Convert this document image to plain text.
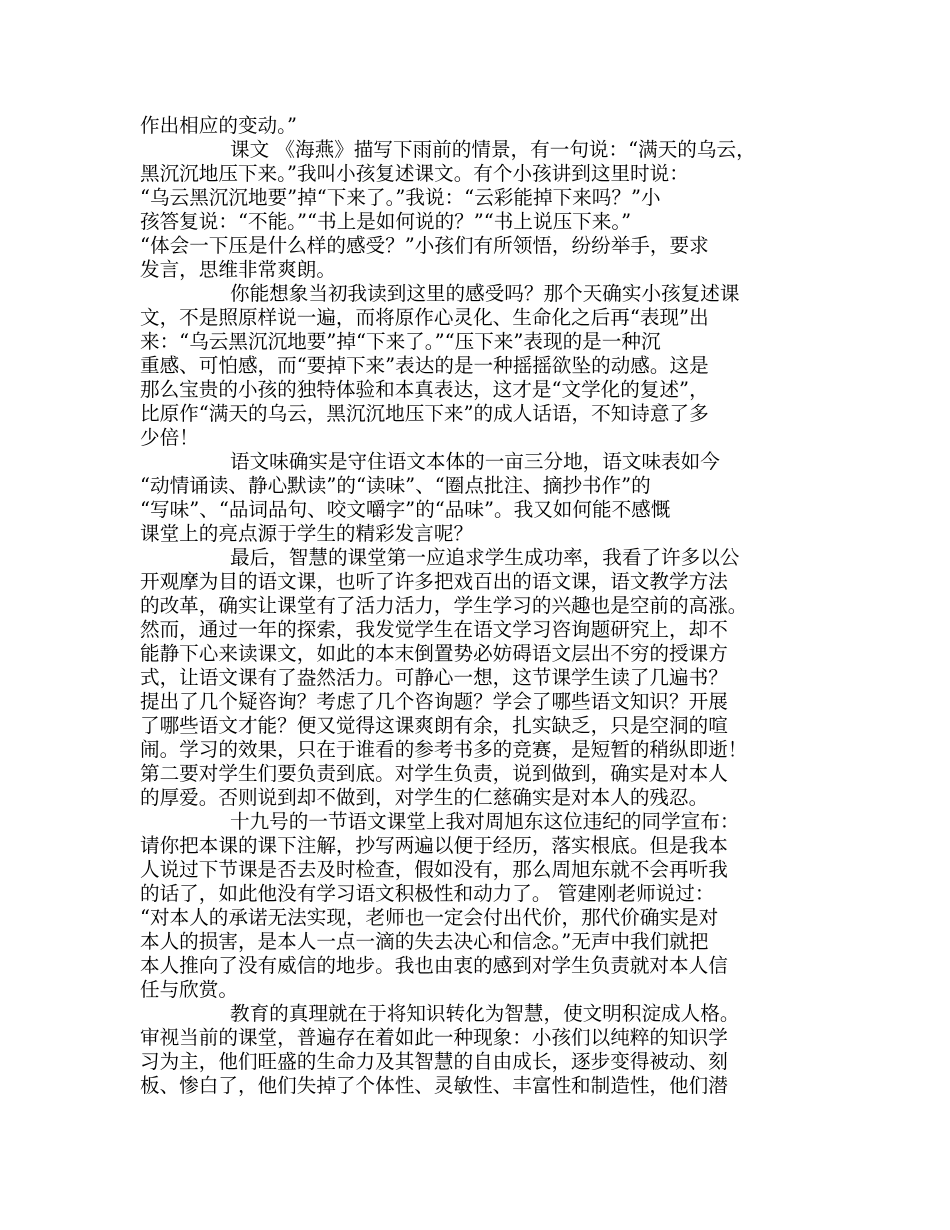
作出相应的变动。”

课文 《海燕》描写下雨前的情景，有一句说：“满天的乌云，

黑沉沉地压下来。”我叫小孩复述课文。有个小孩讲到这里时说：

“乌云黑沉沉地要”掉“下来了。”我说：“云彩能掉下来吗？”小

孩答复说：“不能。”“书上是如何说的？”“书上说压下来。”

“体会一下压是什么样的感受？”小孩们有所领悟，纷纷举手，要求

发言，思维非常爽朗。

你能想象当初我读到这里的感受吗？那个天确实小孩复述课

文，不是照原样说一遍，而将原作心灵化、生命化之后再“表现”出

来：“乌云黑沉沉地要”掉“下来了。”“压下来”表现的是一种沉

重感、可怕感，而“要掉下来”表达的是一种摇摇欲坠的动感。这是

那么宝贵的小孩的独特体验和本真表达，这才是“文学化的复述”，

比原作“满天的乌云，黑沉沉地压下来”的成人话语，不知诗意了多

少倍！

语文味确实是守住语文本体的一亩三分地，语文味表如今

“动情诵读、静心默读”的“读味”、“圈点批注、摘抄书作”的

“写味”、“品词品句、咬文嚼字”的“品味”。我又如何能不感慨

课堂上的亮点源于学生的精彩发言呢？

最后，智慧的课堂第一应追求学生成功率，我看了许多以公

开观摩为目的语文课，也听了许多把戏百出的语文课，语文教学方法

的改革，确实让课堂有了活力活力，学生学习的兴趣也是空前的高涨。

然而，通过一年的探索，我发觉学生在语文学习咨询题研究上，却不

能静下心来读课文，如此的本末倒置势必妨碍语文层出不穷的授课方

式，让语文课有了盎然活力。可静心一想，这节课学生读了几遍书？

提出了几个疑咨询？考虑了几个咨询题？学会了哪些语文知识？开展

了哪些语文才能？便又觉得这课爽朗有余，扎实缺乏，只是空洞的喧

闹。学习的效果，只在于谁看的参考书多的竞赛，是短暂的稍纵即逝！

第二要对学生们要负责到底。对学生负责，说到做到，确实是对本人

的厚爱。否则说到却不做到，对学生的仁慈确实是对本人的残忍。

十九号的一节语文课堂上我对周旭东这位违纪的同学宣布：

请你把本课的课下注解，抄写两遍以便于经历，落实根底。但是我本

人说过下节课是否去及时检查，假如没有，那么周旭东就不会再听我

的话了，如此他没有学习语文积极性和动力了。 管建刚老师说过：

“对本人的承诺无法实现，老师也一定会付出代价，那代价确实是对

本人的损害，是本人一点一滴的失去决心和信念。”无声中我们就把

本人推向了没有威信的地步。我也由衷的感到对学生负责就对本人信

任与欣赏。

教育的真理就在于将知识转化为智慧，使文明积淀成人格。

审视当前的课堂，普遍存在着如此一种现象：小孩们以纯粹的知识学

习为主，他们旺盛的生命力及其智慧的自由成长，逐步变得被动、刻

板、惨白了，他们失掉了个体性、灵敏性、丰富性和制造性，他们潜
